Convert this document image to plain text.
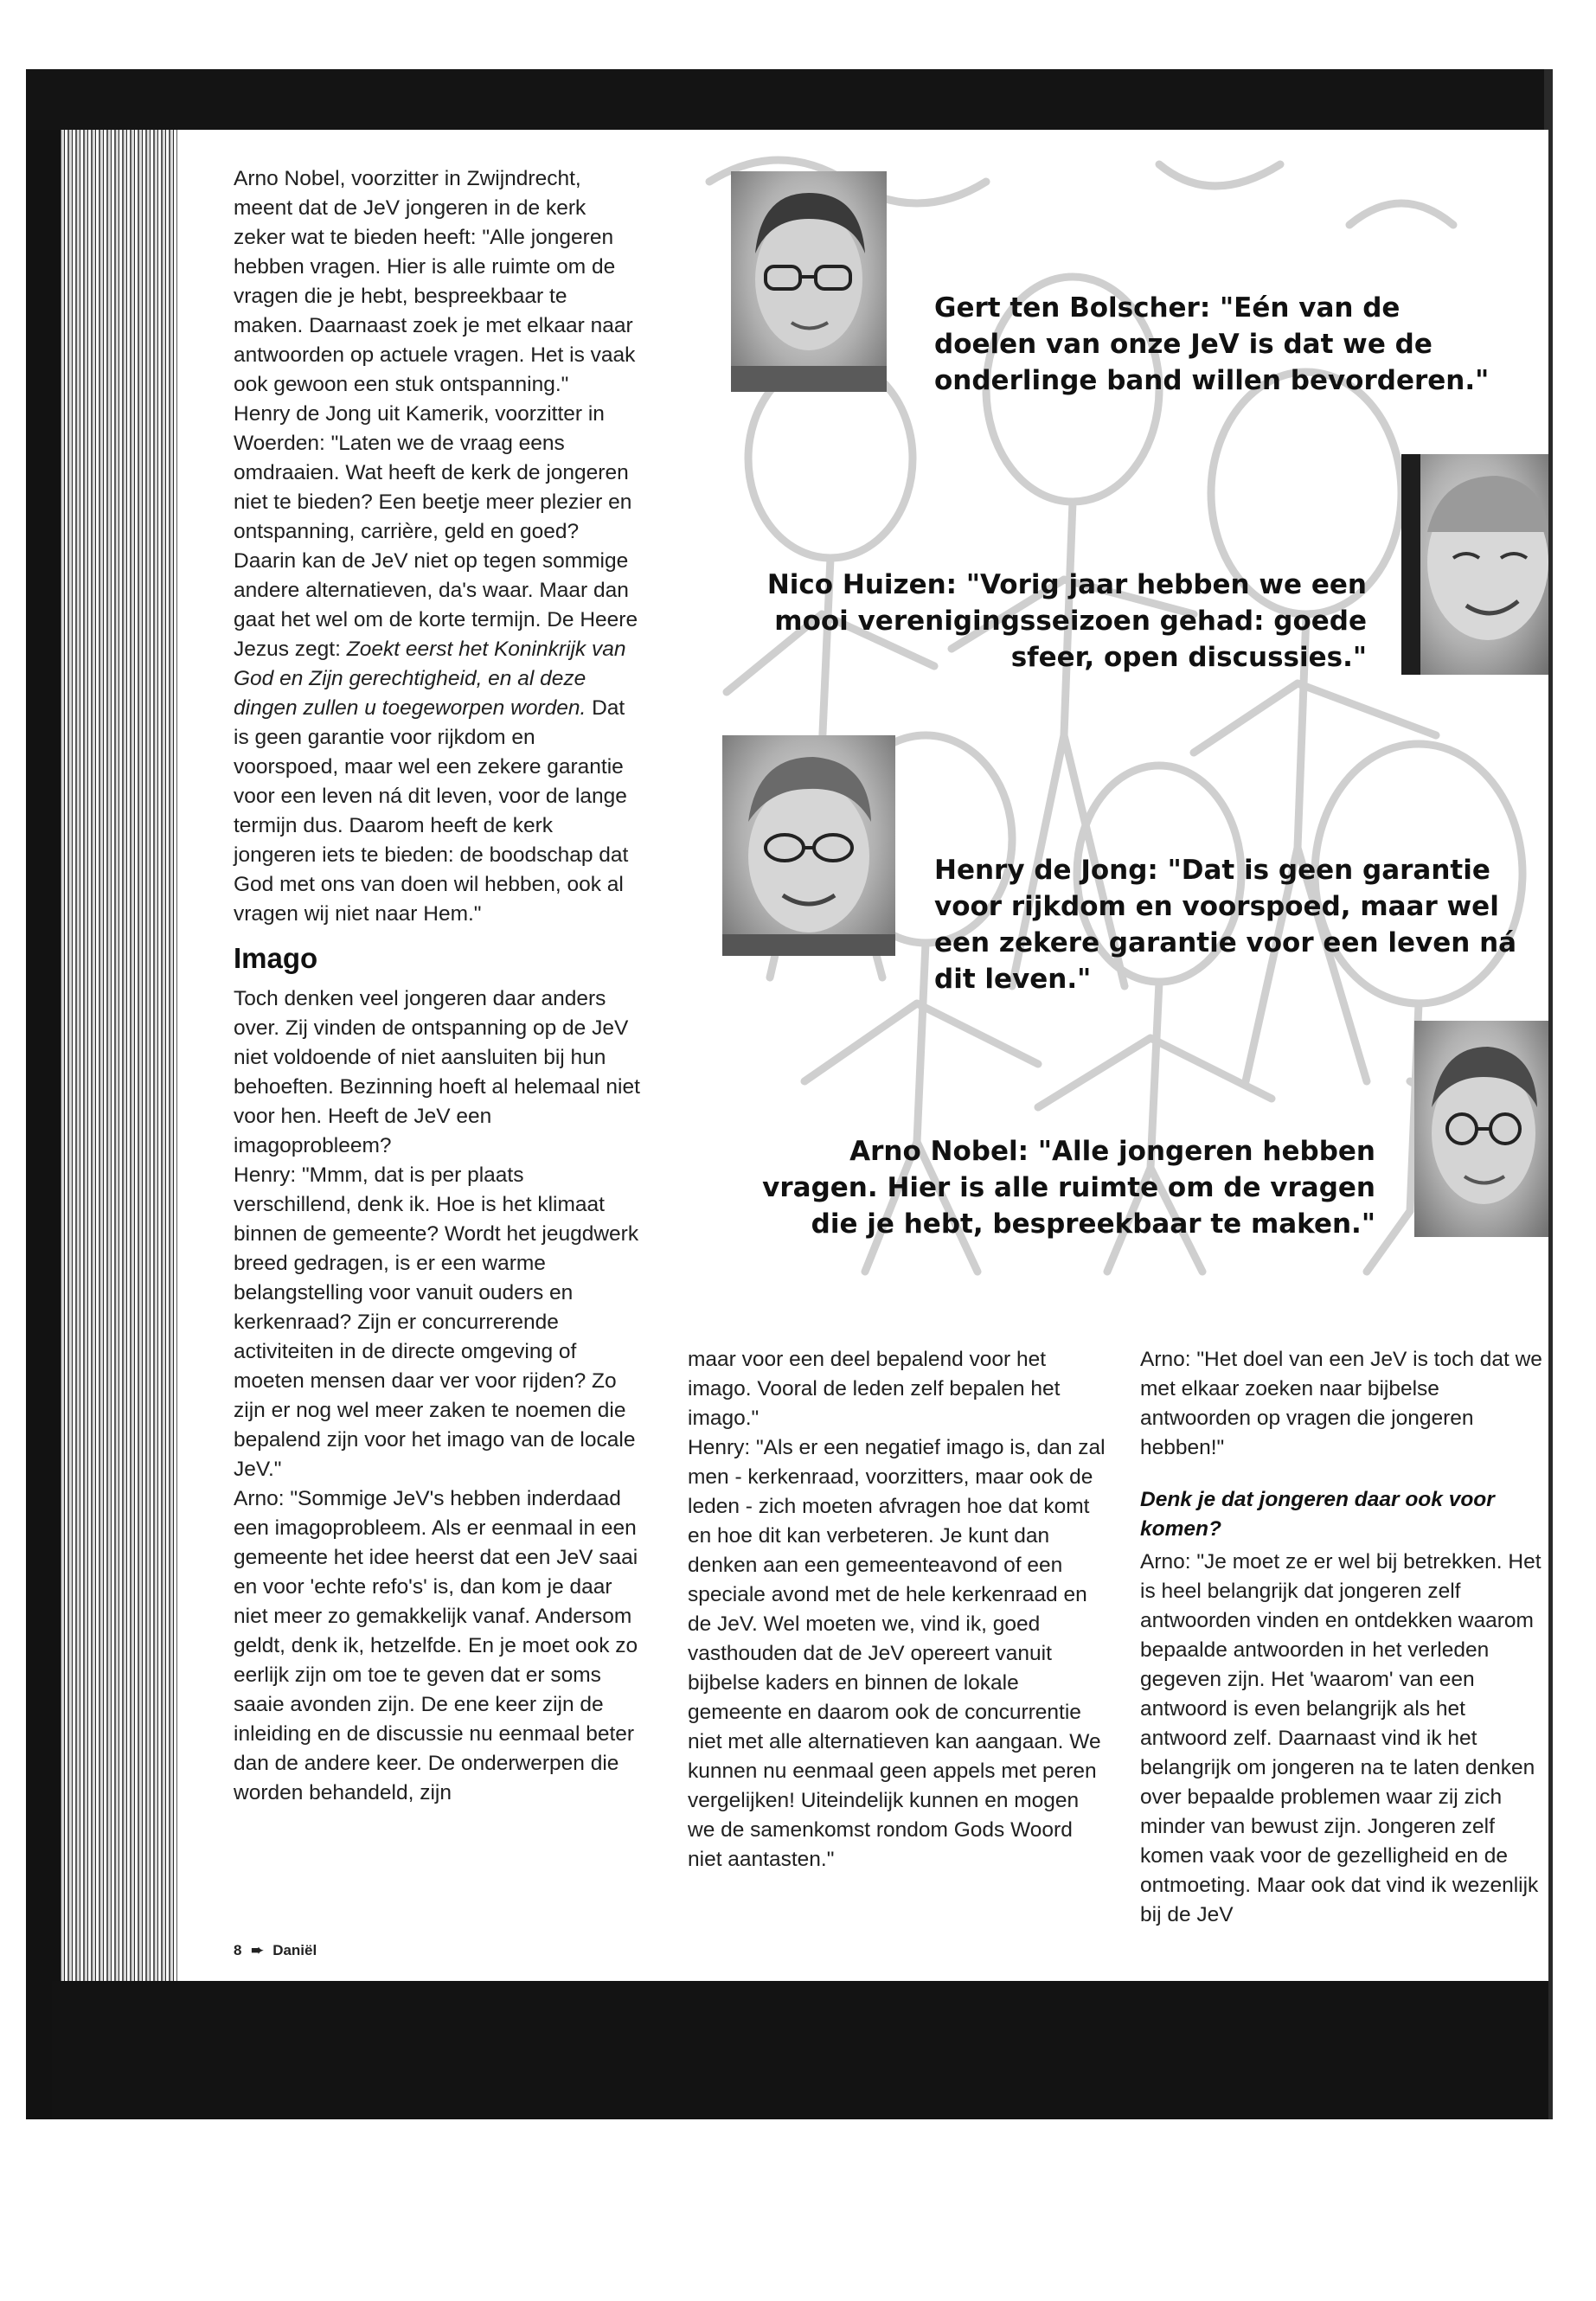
Gert ten Bolscher: "Eén van de doelen van onze JeV is dat we de onderlinge band willen bevorderen."
Nico Huizen: "Vorig jaar hebben we een mooi verenigingsseizoen gehad: goede sfeer, open discussies."
Henry de Jong: "Dat is geen garantie voor rijkdom en voorspoed, maar wel een zekere garantie voor een leven ná dit leven."
Arno Nobel: "Alle jongeren hebben vragen. Hier is alle ruimte om de vragen die je hebt, bespreekbaar te maken."

Arno Nobel, voorzitter in Zwijndrecht, meent dat de JeV jongeren in de kerk zeker wat te bieden heeft: "Alle jongeren hebben vragen. Hier is alle ruimte om de vragen die je hebt, bespreekbaar te maken. Daarnaast zoek je met elkaar naar antwoorden op actuele vragen. Het is vaak ook gewoon een stuk ontspanning."

Henry de Jong uit Kamerik, voorzitter in Woerden: "Laten we de vraag eens omdraaien. Wat heeft de kerk de jongeren niet te bieden? Een beetje meer plezier en ontspanning, carrière, geld en goed? Daarin kan de JeV niet op tegen sommige andere alternatieven, da's waar. Maar dan gaat het wel om de korte termijn. De Heere Jezus zegt: Zoekt eerst het Koninkrijk van God en Zijn gerechtigheid, en al deze dingen zullen u toegeworpen worden. Dat is geen garantie voor rijkdom en voorspoed, maar wel een zekere garantie voor een leven ná dit leven, voor de lange termijn dus. Daarom heeft de kerk jongeren iets te bieden: de boodschap dat God met ons van doen wil hebben, ook al vragen wij niet naar Hem."

Imago

Toch denken veel jongeren daar anders over. Zij vinden de ontspanning op de JeV niet voldoende of niet aansluiten bij hun behoeften. Bezinning hoeft al helemaal niet voor hen. Heeft de JeV een imagoprobleem?

Henry: "Mmm, dat is per plaats verschillend, denk ik. Hoe is het klimaat binnen de gemeente? Wordt het jeugdwerk breed gedragen, is er een warme belangstelling voor vanuit ouders en kerkenraad? Zijn er concurrerende activiteiten in de directe omgeving of moeten mensen daar ver voor rijden? Zo zijn er nog wel meer zaken te noemen die bepalend zijn voor het imago van de locale JeV."

Arno: "Sommige JeV's hebben inderdaad een imagoprobleem. Als er eenmaal in een gemeente het idee heerst dat een JeV saai en voor 'echte refo's' is, dan kom je daar niet meer zo gemakkelijk vanaf. Andersom geldt, denk ik, hetzelfde. En je moet ook zo eerlijk zijn om toe te geven dat er soms saaie avonden zijn. De ene keer zijn de inleiding en de discussie nu eenmaal beter dan de andere keer. De onderwerpen die worden behandeld, zijn

maar voor een deel bepalend voor het imago. Vooral de leden zelf bepalen het imago."

Henry: "Als er een negatief imago is, dan zal men - kerkenraad, voorzitters, maar ook de leden - zich moeten afvragen hoe dat komt en hoe dit kan verbeteren. Je kunt dan denken aan een gemeenteavond of een speciale avond met de hele kerkenraad en de JeV. Wel moeten we, vind ik, goed vasthouden dat de JeV opereert vanuit bijbelse kaders en binnen de lokale gemeente en daarom ook de concurrentie niet met alle alternatieven kan aangaan. We kunnen nu eenmaal geen appels met peren vergelijken! Uiteindelijk kunnen en mogen we de samenkomst rondom Gods Woord niet aantasten."

Arno: "Het doel van een JeV is toch dat we met elkaar zoeken naar bijbelse antwoorden op vragen die jongeren hebben!"

Denk je dat jongeren daar ook voor komen?

Arno: "Je moet ze er wel bij betrekken. Het is heel belangrijk dat jongeren zelf antwoorden vinden en ontdekken waarom bepaalde antwoorden in het verleden gegeven zijn. Het 'waarom' van een antwoord is even belangrijk als het antwoord zelf. Daarnaast vind ik het belangrijk om jongeren na te laten denken over bepaalde problemen waar zij zich minder van bewust zijn. Jongeren zelf komen vaak voor de gezelligheid en de ontmoeting. Maar ook dat vind ik wezenlijk bij de JeV

8 ➨ Daniël
